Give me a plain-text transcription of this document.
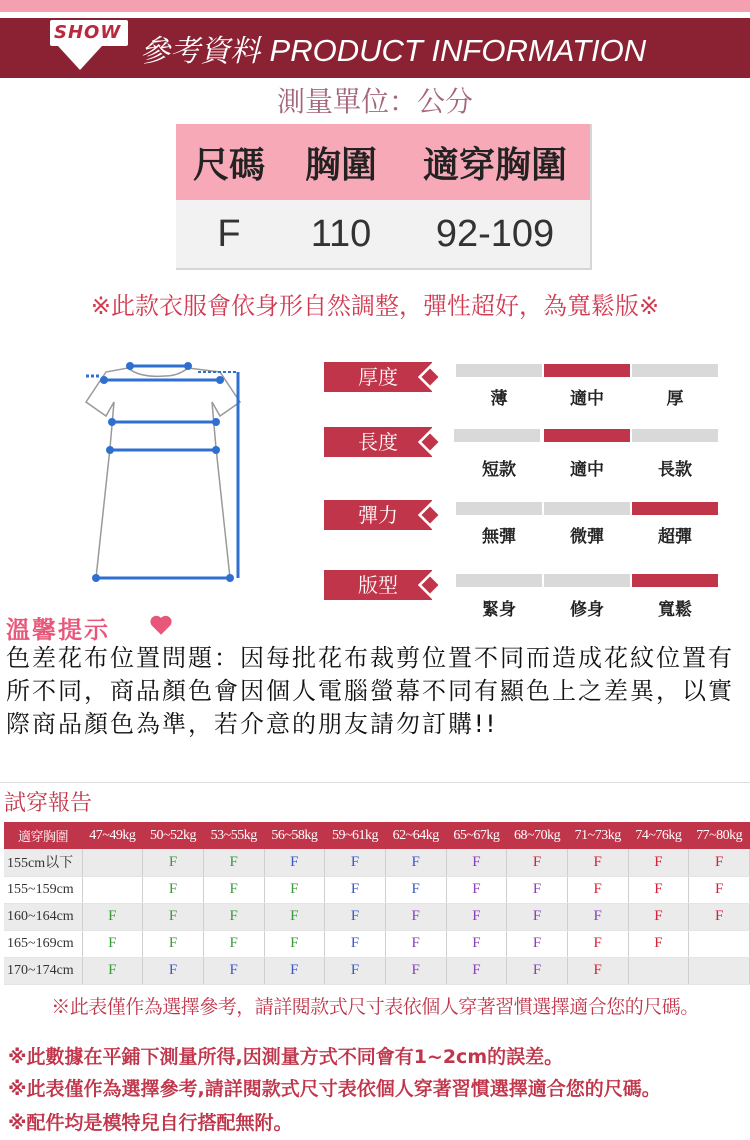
SHOW
參考資料 PRODUCT INFORMATION
測量單位：公分
尺碼	胸圍	適穿胸圍
F	110	92-109
※此款衣服會依身形自然調整，彈性超好，為寬鬆版※
厚度
薄	適中	厚
長度
短款	適中	長款
彈力
無彈	微彈	超彈
版型
緊身	修身	寬鬆
溫馨提示
色差花布位置問題：因每批花布裁剪位置不同而造成花紋位置有所不同，商品顏色會因個人電腦螢幕不同有顯色上之差異，以實際商品顏色為準，若介意的朋友請勿訂購!!
試穿報告
適穿胸圍	47~49kg	50~52kg	53~55kg	56~58kg	59~61kg	62~64kg	65~67kg	68~70kg	71~73kg	74~76kg	77~80kg
155cm以下		F	F	F	F	F	F	F	F	F	F
155~159cm		F	F	F	F	F	F	F	F	F	F
160~164cm	F	F	F	F	F	F	F	F	F	F	F
165~169cm	F	F	F	F	F	F	F	F	F	F	
170~174cm	F	F	F	F	F	F	F	F	F		
※此表僅作為選擇參考，請詳閱款式尺寸表依個人穿著習慣選擇適合您的尺碼。
※此數據在平鋪下測量所得,因測量方式不同會有1~2cm的誤差。
※此表僅作為選擇參考,請詳閱款式尺寸表依個人穿著習慣選擇適合您的尺碼。
※配件均是模特兒自行搭配無附。
